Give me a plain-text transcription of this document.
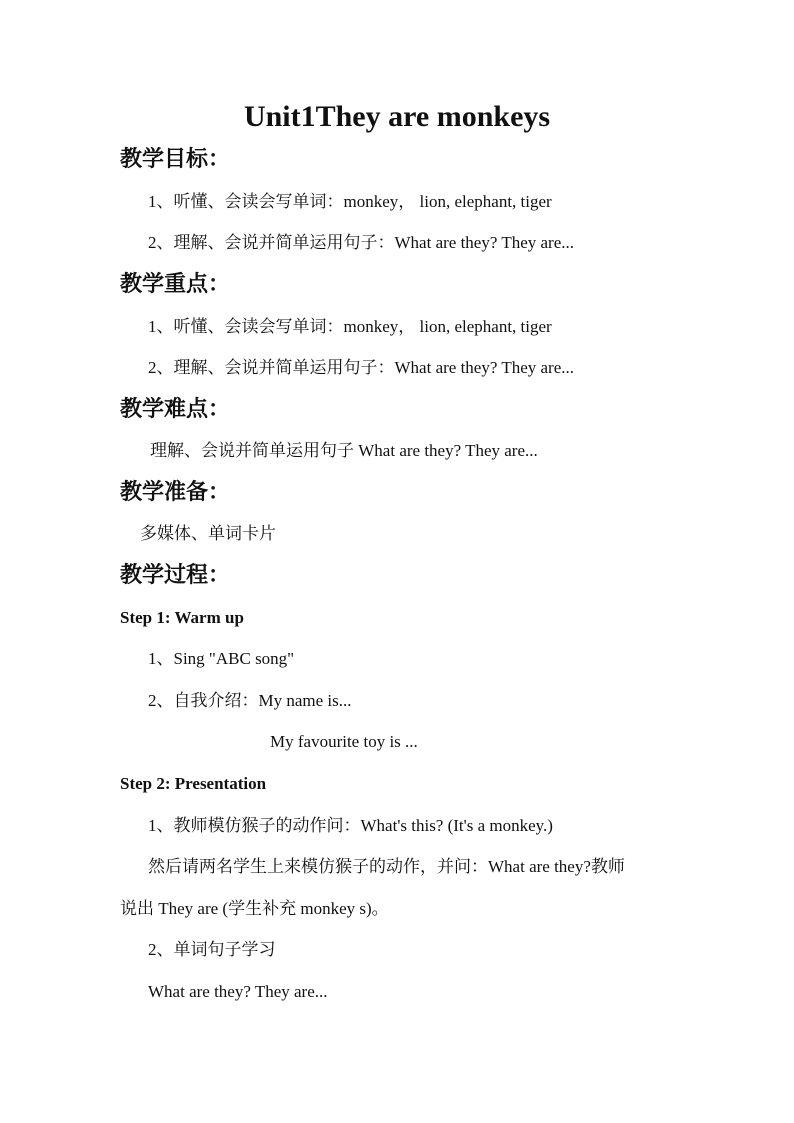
Unit1They are monkeys
教学目标：
1、听懂、会读会写单词：monkey， lion, elephant, tiger
2、理解、会说并简单运用句子：What are they? They are...
教学重点：
1、听懂、会读会写单词：monkey， lion, elephant, tiger
2、理解、会说并简单运用句子：What are they? They are...
教学难点：
理解、会说并简单运用句子 What are they? They are...
教学准备：
多媒体、单词卡片
教学过程：
Step 1: Warm up
1、Sing "ABC song"
2、自我介绍：My name is...
My favourite toy is ...
Step 2: Presentation
1、教师模仿猴子的动作问：What's this? (It's a monkey.)
然后请两名学生上来模仿猴子的动作，并问：What are they?教师
说出 They are (学生补充 monkey s)。
2、单词句子学习
What are they? They are...
